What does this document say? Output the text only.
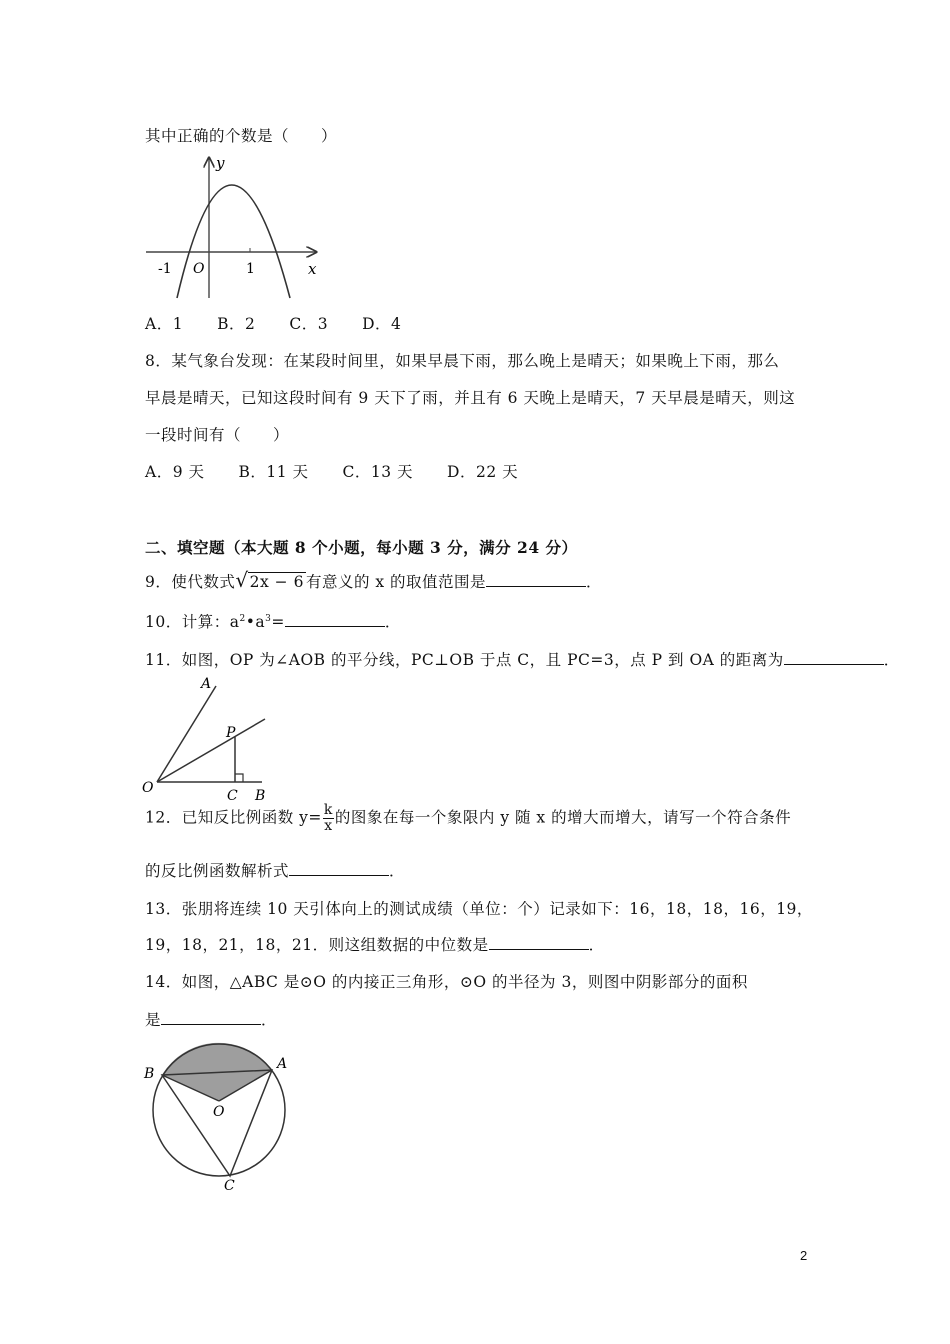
其中正确的个数是（　　）
y
x
O
-1	1
A．1 B．2 C．3 D．4
8．某气象台发现：在某段时间里，如果早晨下雨，那么晚上是晴天；如果晚上下雨，那么
早晨是晴天，已知这段时间有 9 天下了雨，并且有 6 天晚上是晴天，7 天早晨是晴天，则这
一段时间有（　　）
A．9 天 B．11 天 C．13 天 D．22 天
二、填空题（本大题 8 个小题，每小题 3 分，满分 24 分）
9．使代数式√2x − 6 有意义的 x 的取值范围是	．
10．计算：$a^2•a^3=$	．
11．如图，OP 为∠AOB 的平分线，PC⊥OB 于点 C，且 PC=3，点 P 到 OA 的距离为	．
A
P
O	C B
12．已知反比例函数 $y= \frac{k}{x}$ 的图象在每一个象限内 y 随 x 的增大而增大，请写一个符合条件
的反比例函数解析式	．
13．张朋将连续 10 天引体向上的测试成绩（单位：个）记录如下：16，18，18，16，19，
19，18，21，18，21．则这组数据的中位数是	．
14．如图，△ABC 是⊙O 的内接正三角形，⊙O 的半径为 3，则图中阴影部分的面积
是	．
B
A
O
C
2
